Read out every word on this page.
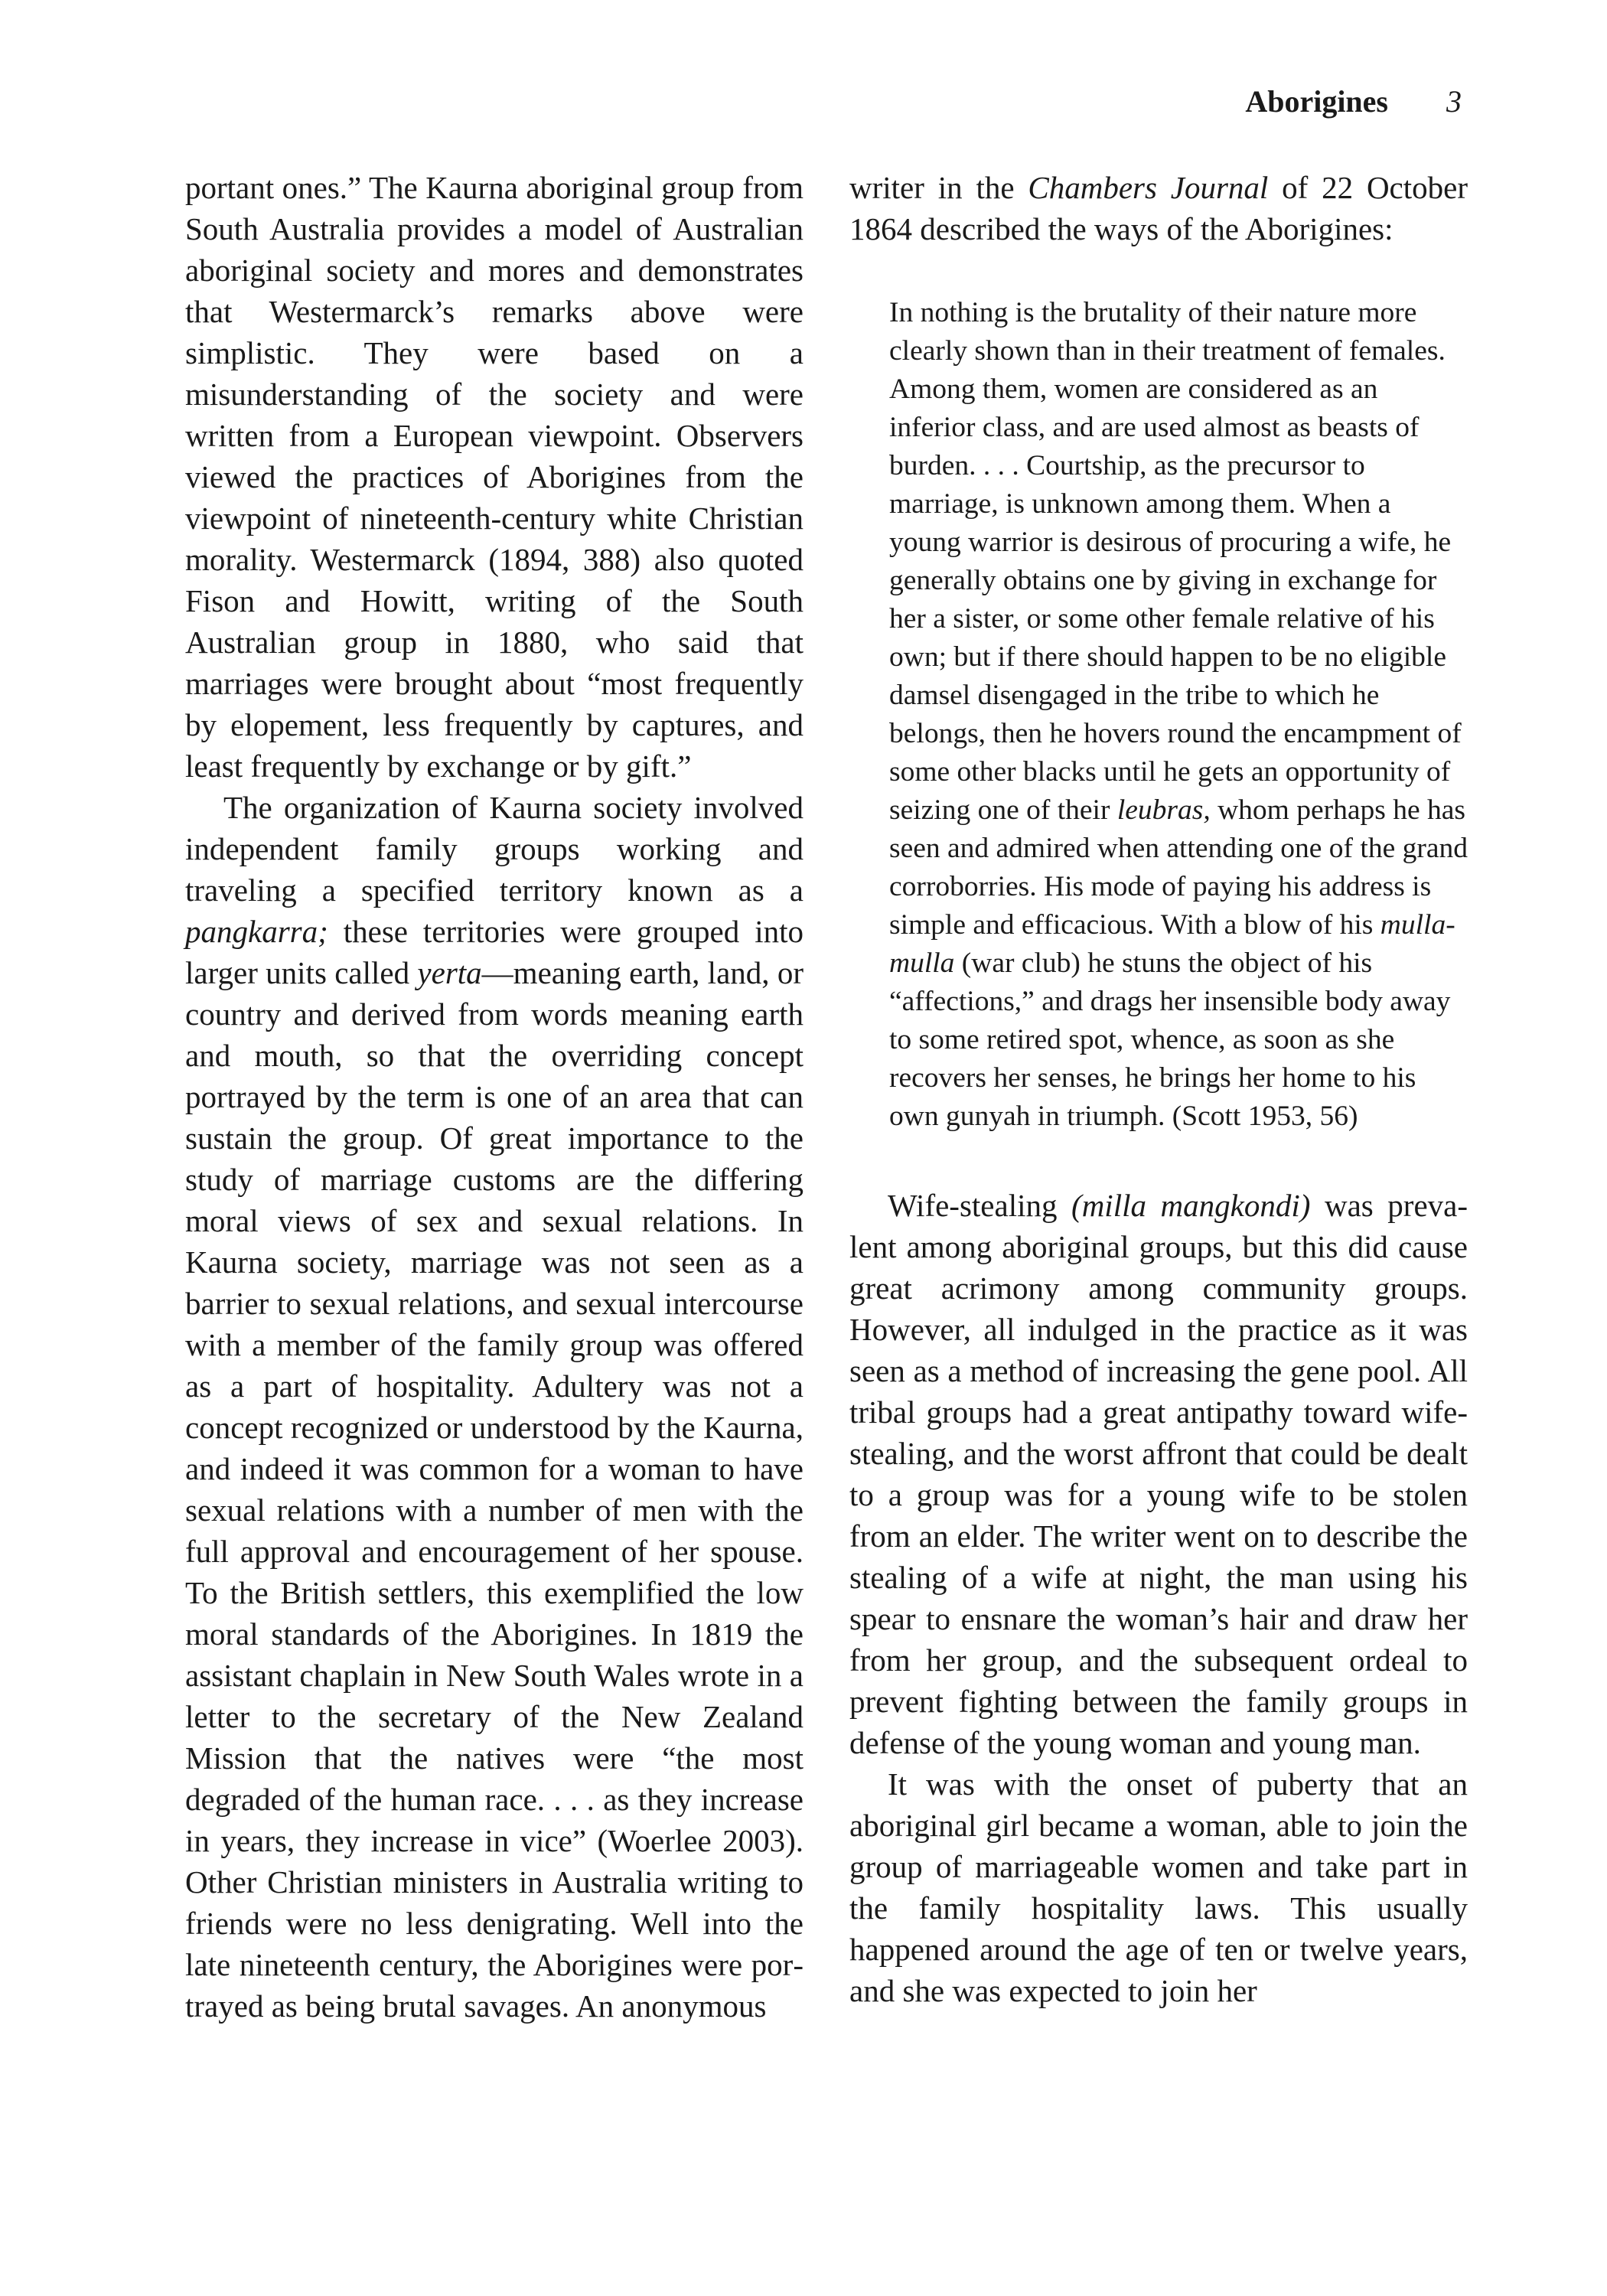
Aborigines 3

portant ones.” The Kaurna aboriginal group from South Australia provides a model of Australian aboriginal society and mores and demonstrates that Westermarck’s remarks above were simplistic. They were based on a misunderstanding of the society and were written from a European viewpoint. Observers viewed the practices of Aborigines from the viewpoint of nineteenth-century white Christian morality. Westermarck (1894, 388) also quoted Fison and Howitt, writing of the South Australian group in 1880, who said that marriages were brought about “most frequently by elopement, less frequently by captures, and least frequently by exchange or by gift.”

The organization of Kaurna society involved independent family groups working and traveling a specified territory known as a pangkarra; these territories were grouped into larger units called yerta—meaning earth, land, or country and derived from words meaning earth and mouth, so that the overriding concept portrayed by the term is one of an area that can sustain the group. Of great importance to the study of marriage customs are the differing moral views of sex and sexual relations. In Kaurna society, marriage was not seen as a barrier to sexual relations, and sexual intercourse with a member of the family group was offered as a part of hospitality. Adultery was not a concept recognized or understood by the Kaurna, and indeed it was common for a woman to have sexual relations with a number of men with the full approval and encouragement of her spouse. To the British settlers, this exemplified the low moral standards of the Aborigines. In 1819 the assistant chaplain in New South Wales wrote in a letter to the secretary of the New Zealand Mission that the natives were “the most degraded of the human race. . . . as they increase in years, they increase in vice” (Woerlee 2003). Other Christian ministers in Australia writing to friends were no less denigrating. Well into the late nineteenth century, the Aborigines were portrayed as being brutal savages. An anonymous

writer in the Chambers Journal of 22 October 1864 described the ways of the Aborigines:

In nothing is the brutality of their nature more clearly shown than in their treatment of females. Among them, women are considered as an inferior class, and are used almost as beasts of burden. . . . Courtship, as the precursor to marriage, is unknown among them. When a young warrior is desirous of procuring a wife, he generally obtains one by giving in exchange for her a sister, or some other female relative of his own; but if there should happen to be no eligible damsel disengaged in the tribe to which he belongs, then he hovers round the encampment of some other blacks until he gets an opportunity of seizing one of their leubras, whom perhaps he has seen and admired when attending one of the grand corroborries. His mode of paying his address is simple and efficacious. With a blow of his mulla-mulla (war club) he stuns the object of his “affections,” and drags her insensible body away to some retired spot, whence, as soon as she recovers her senses, he brings her home to his own gunyah in triumph. (Scott 1953, 56)

Wife-stealing (milla mangkondi) was prevalent among aboriginal groups, but this did cause great acrimony among community groups. However, all indulged in the practice as it was seen as a method of increasing the gene pool. All tribal groups had a great antipathy toward wife-stealing, and the worst affront that could be dealt to a group was for a young wife to be stolen from an elder. The writer went on to describe the stealing of a wife at night, the man using his spear to ensnare the woman’s hair and draw her from her group, and the subsequent ordeal to prevent fighting between the family groups in defense of the young woman and young man.

It was with the onset of puberty that an aboriginal girl became a woman, able to join the group of marriageable women and take part in the family hospitality laws. This usually happened around the age of ten or twelve years, and she was expected to join her
